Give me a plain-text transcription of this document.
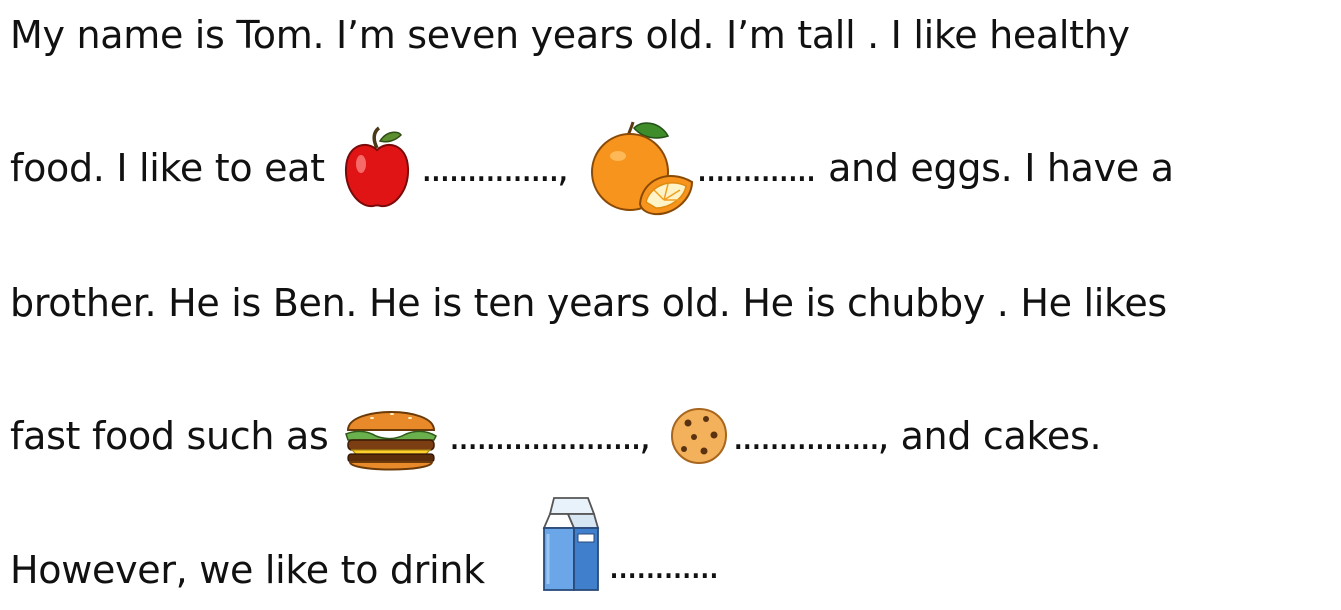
My name is Tom. I’m seven years old. I’m tall . I like healthy
food. I like to eat	...............,	............. and eggs. I have a
brother. He is Ben. He is ten years old. He is chubby . He likes
fast food such as	....................., ................, and cakes.
However, we like to drink	............
